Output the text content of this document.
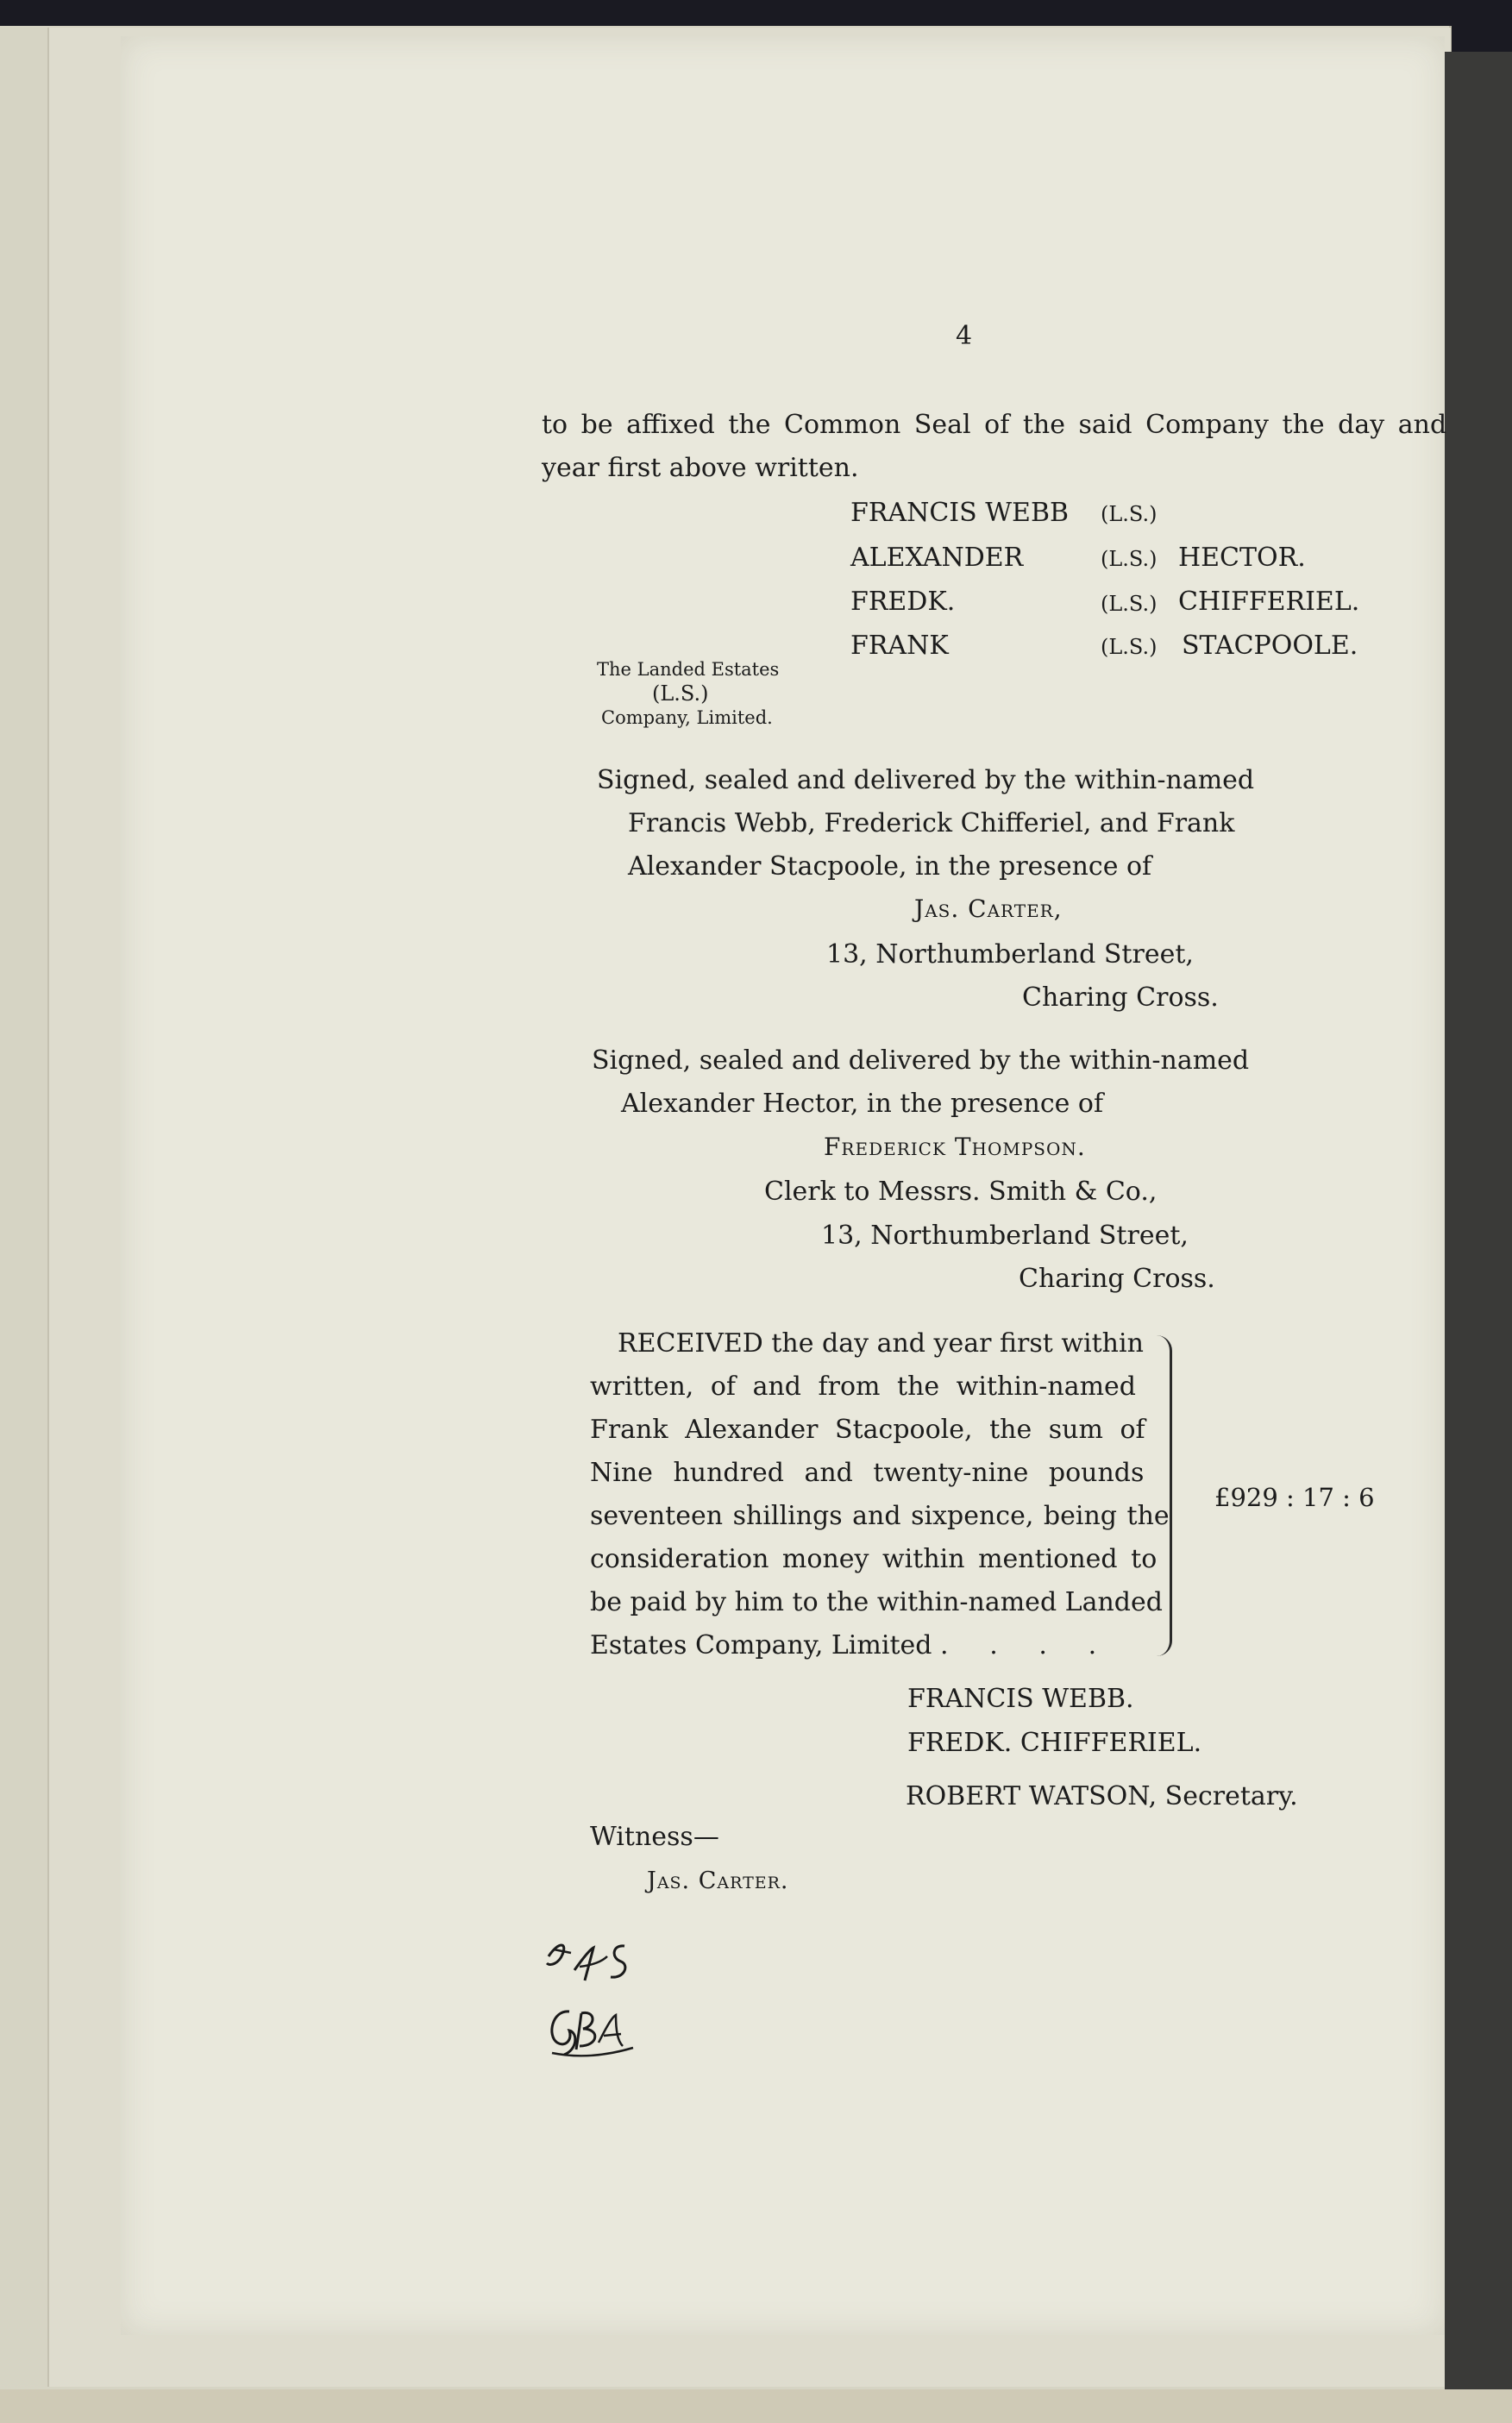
4
to be affixed the Common Seal of the said Company the day and
year first above written.
FRANCIS WEBB (L.S.)
ALEXANDER	(L.S.) HECTOR.
FREDK.	(L.S.) CHIFFERIEL.
FRANK	(L.S.) STACPOOLE.
The Landed Estates
(L.S.)
Company, Limited.
Signed, sealed and delivered by the within-named
Francis Webb, Frederick Chifferiel, and Frank
Alexander Stacpoole, in the presence of
Jas. Carter,
13, Northumberland Street,
Charing Cross.
Signed, sealed and delivered by the within-named
Alexander Hector, in the presence of
Frederick Thompson.
Clerk to Messrs. Smith & Co.,
13, Northumberland Street,
Charing Cross.
RECEIVED the day and year first within
written, of and from the within-named
Frank Alexander Stacpoole, the sum of
Nine hundred and twenty-nine pounds
seventeen shillings and sixpence, being the
consideration money within mentioned to
be paid by him to the within-named Landed
Estates Company, Limited .     .     .     .
£929 : 17 : 6
FRANCIS WEBB.
FREDK. CHIFFERIEL.
ROBERT WATSON, Secretary.
Witness—
Jas. Carter.
